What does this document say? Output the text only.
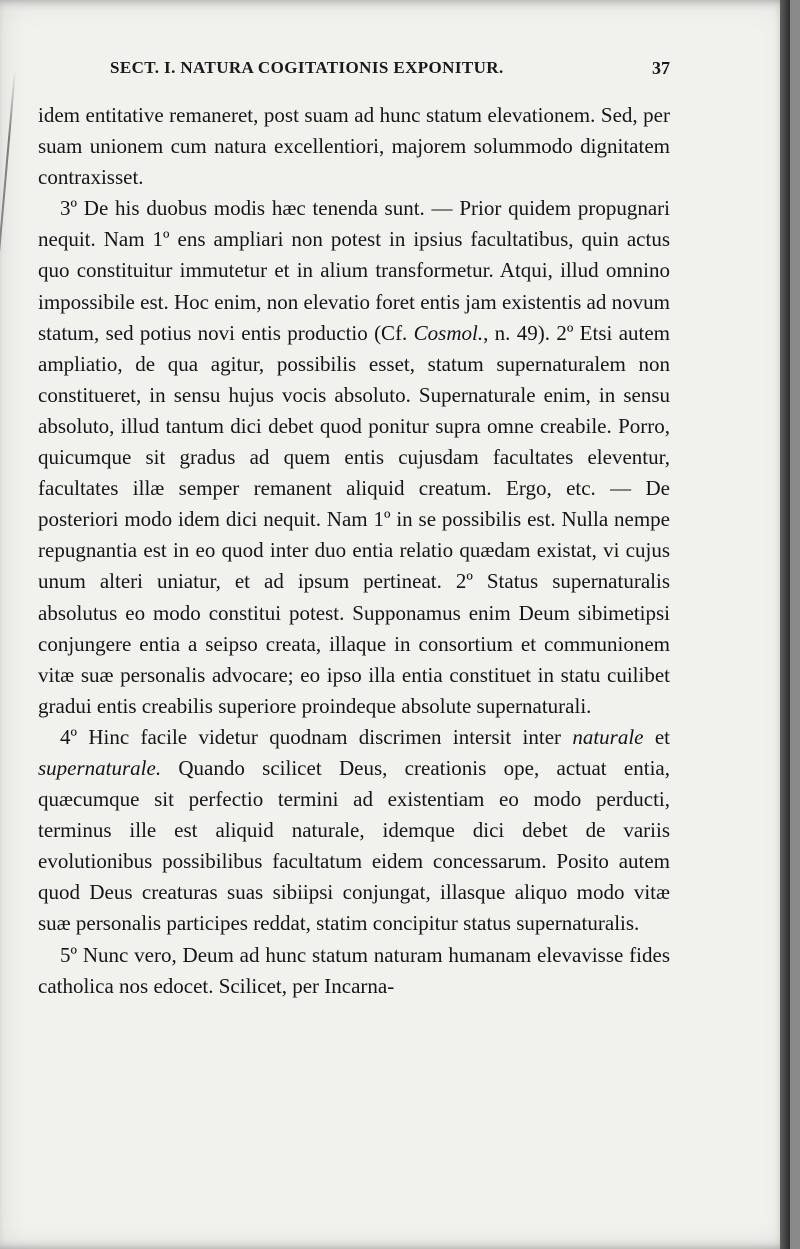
SECT. I. NATURA COGITATIONIS EXPONITUR.	37

idem entitative remaneret, post suam ad hunc statum elevationem. Sed, per suam unionem cum natura excellentiori, majorem solummodo dignitatem contraxisset.

3º De his duobus modis hæc tenenda sunt. — Prior quidem propugnari nequit. Nam 1º ens ampliari non potest in ipsius facultatibus, quin actus quo constituitur immutetur et in alium transformetur. Atqui, illud omnino impossibile est. Hoc enim, non elevatio foret entis jam existentis ad novum statum, sed potius novi entis productio (Cf. Cosmol., n. 49). 2º Etsi autem ampliatio, de qua agitur, possibilis esset, statum supernaturalem non constitueret, in sensu hujus vocis absoluto. Supernaturale enim, in sensu absoluto, illud tantum dici debet quod ponitur supra omne creabile. Porro, quicumque sit gradus ad quem entis cujusdam facultates eleventur, facultates illæ semper remanent aliquid creatum. Ergo, etc. — De posteriori modo idem dici nequit. Nam 1º in se possibilis est. Nulla nempe repugnantia est in eo quod inter duo entia relatio quædam existat, vi cujus unum alteri uniatur, et ad ipsum pertineat. 2º Status supernaturalis absolutus eo modo constitui potest. Supponamus enim Deum sibimetipsi conjungere entia a seipso creata, illaque in consortium et communionem vitæ suæ personalis advocare; eo ipso illa entia constituet in statu cuilibet gradui entis creabilis superiore proindeque absolute supernaturali.

4º Hinc facile videtur quodnam discrimen intersit inter naturale et supernaturale. Quando scilicet Deus, creationis ope, actuat entia, quæcumque sit perfectio termini ad existentiam eo modo perducti, terminus ille est aliquid naturale, idemque dici debet de variis evolutionibus possibilibus facultatum eidem concessarum. Posito autem quod Deus creaturas suas sibiipsi conjungat, illasque aliquo modo vitæ suæ personalis participes reddat, statim concipitur status supernaturalis.

5º Nunc vero, Deum ad hunc statum naturam humanam elevavisse fides catholica nos edocet. Scilicet, per Incarna-
